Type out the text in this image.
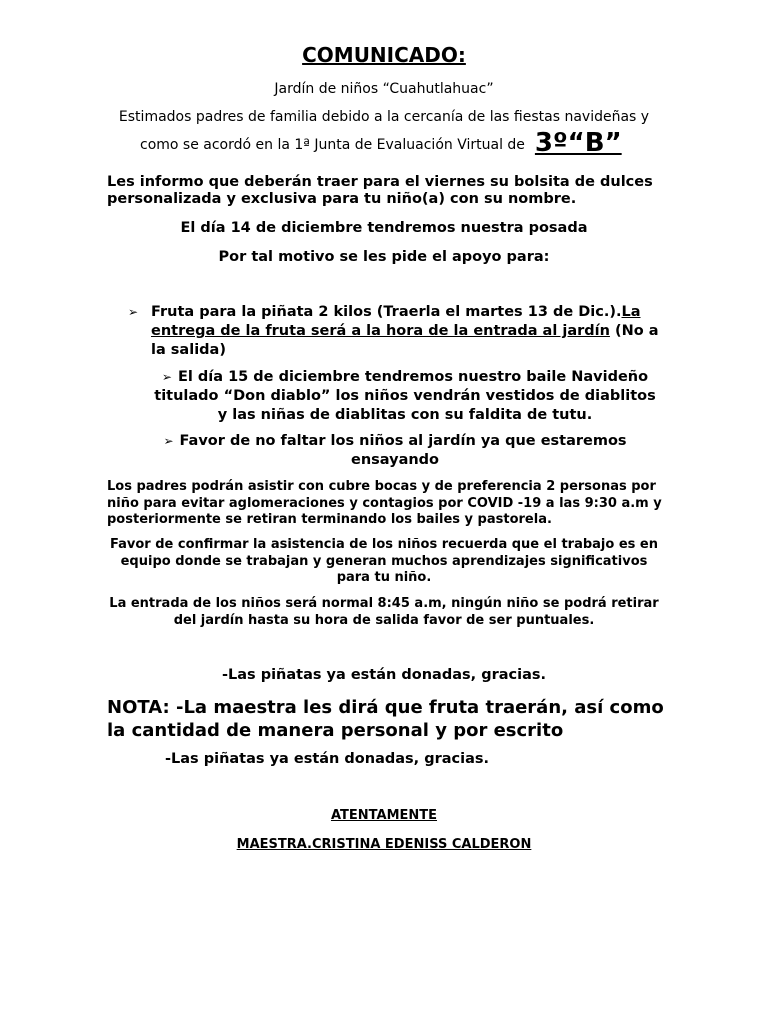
COMUNICADO:
Jardín de niños “Cuahutlahuac”
Estimados padres de familia debido a la cercanía de las fiestas navideñas y
como se acordó en la 1ª Junta de Evaluación Virtual de 3º“B”
Les informo que deberán traer para el viernes su bolsita de dulces personalizada y exclusiva para tu niño(a) con su nombre.
El día 14 de diciembre tendremos nuestra posada
Por tal motivo se les pide el apoyo para:
➢ Fruta para la piñata 2 kilos (Traerla el martes 13 de Dic.).La entrega de la fruta será a la hora de la entrada al jardín (No a la salida)
➢ El día 15 de diciembre tendremos nuestro baile Navideño titulado “Don diablo” los niños vendrán vestidos de diablitos y las niñas de diablitas con su faldita de tutu.
➢ Favor de no faltar los niños al jardín ya que estaremos ensayando
Los padres podrán asistir con cubre bocas y de preferencia 2 personas por niño para evitar aglomeraciones y contagios por COVID -19 a las 9:30 a.m y posteriormente se retiran terminando los bailes y pastorela.
Favor de confirmar la asistencia de los niños recuerda que el trabajo es en equipo donde se trabajan y generan muchos aprendizajes significativos para tu niño.
La entrada de los niños será normal 8:45 a.m, ningún niño se podrá retirar del jardín hasta su hora de salida favor de ser puntuales.
-Las piñatas ya están donadas, gracias.
NOTA: -La maestra les dirá que fruta traerán, así como la cantidad de manera personal y por escrito
-Las piñatas ya están donadas, gracias.
ATENTAMENTE
MAESTRA.CRISTINA EDENISS CALDERON
